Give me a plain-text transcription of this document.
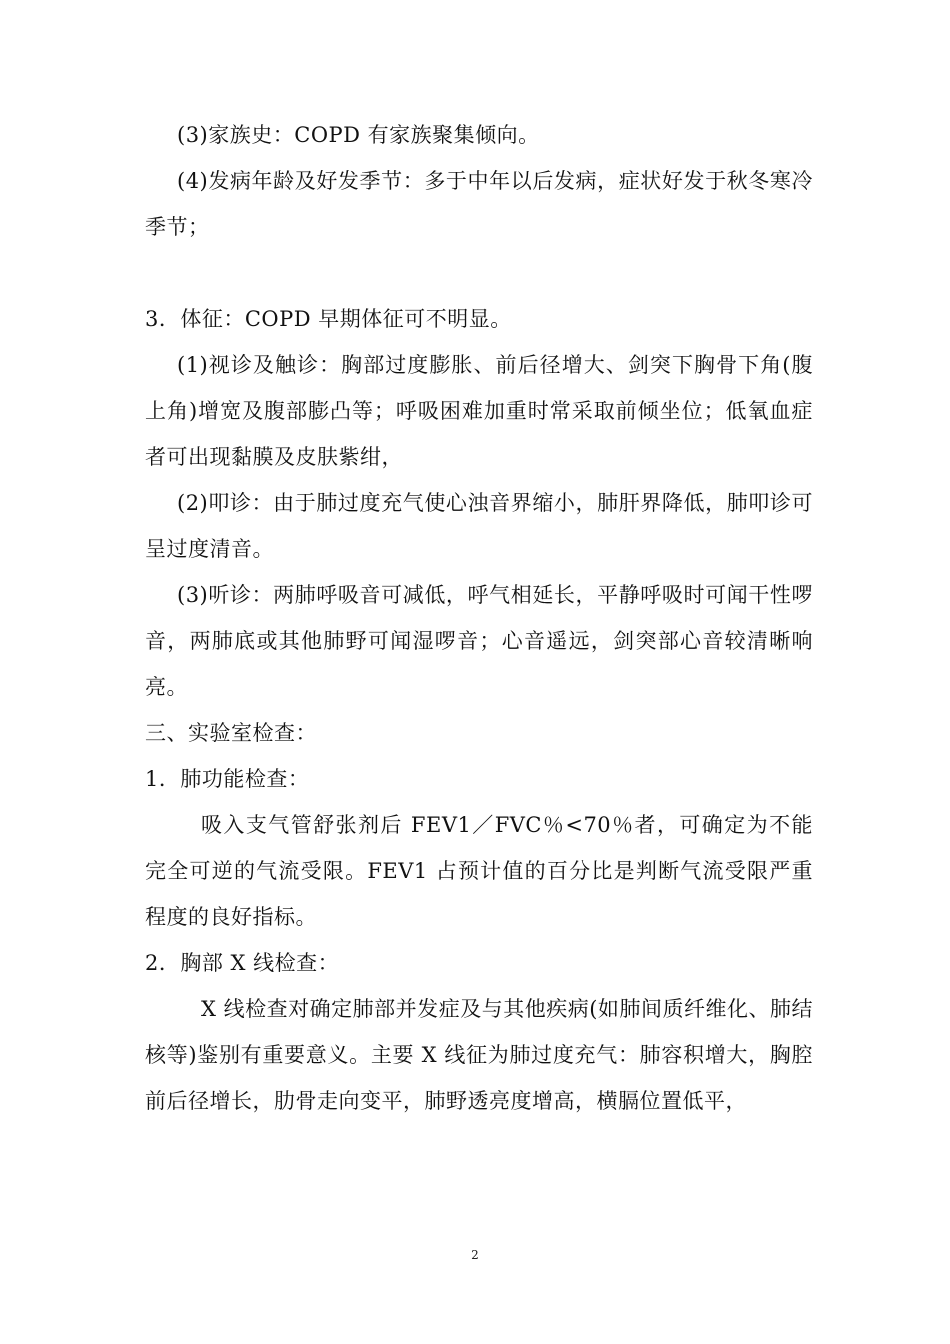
(3)家族史：COPD 有家族聚集倾向。

(4)发病年龄及好发季节：多于中年以后发病，症状好发于秋冬寒冷季节；

3．体征：COPD 早期体征可不明显。

(1)视诊及触诊：胸部过度膨胀、前后径增大、剑突下胸骨下角(腹上角)增宽及腹部膨凸等；呼吸困难加重时常采取前倾坐位；低氧血症者可出现黏膜及皮肤紫绀，

(2)叩诊：由于肺过度充气使心浊音界缩小，肺肝界降低，肺叩诊可呈过度清音。

(3)听诊：两肺呼吸音可减低，呼气相延长，平静呼吸时可闻干性啰音，两肺底或其他肺野可闻湿啰音；心音遥远，剑突部心音较清晰响亮。

三、实验室检查：

1．肺功能检查：

吸入支气管舒张剂后 FEV1／FVC％<70％者，可确定为不能完全可逆的气流受限。FEV1 占预计值的百分比是判断气流受限严重程度的良好指标。

2．胸部 X 线检查：

X 线检查对确定肺部并发症及与其他疾病(如肺间质纤维化、肺结核等)鉴别有重要意义。主要 X 线征为肺过度充气：肺容积增大，胸腔前后径增长，肋骨走向变平，肺野透亮度增高，横膈位置低平，

2
